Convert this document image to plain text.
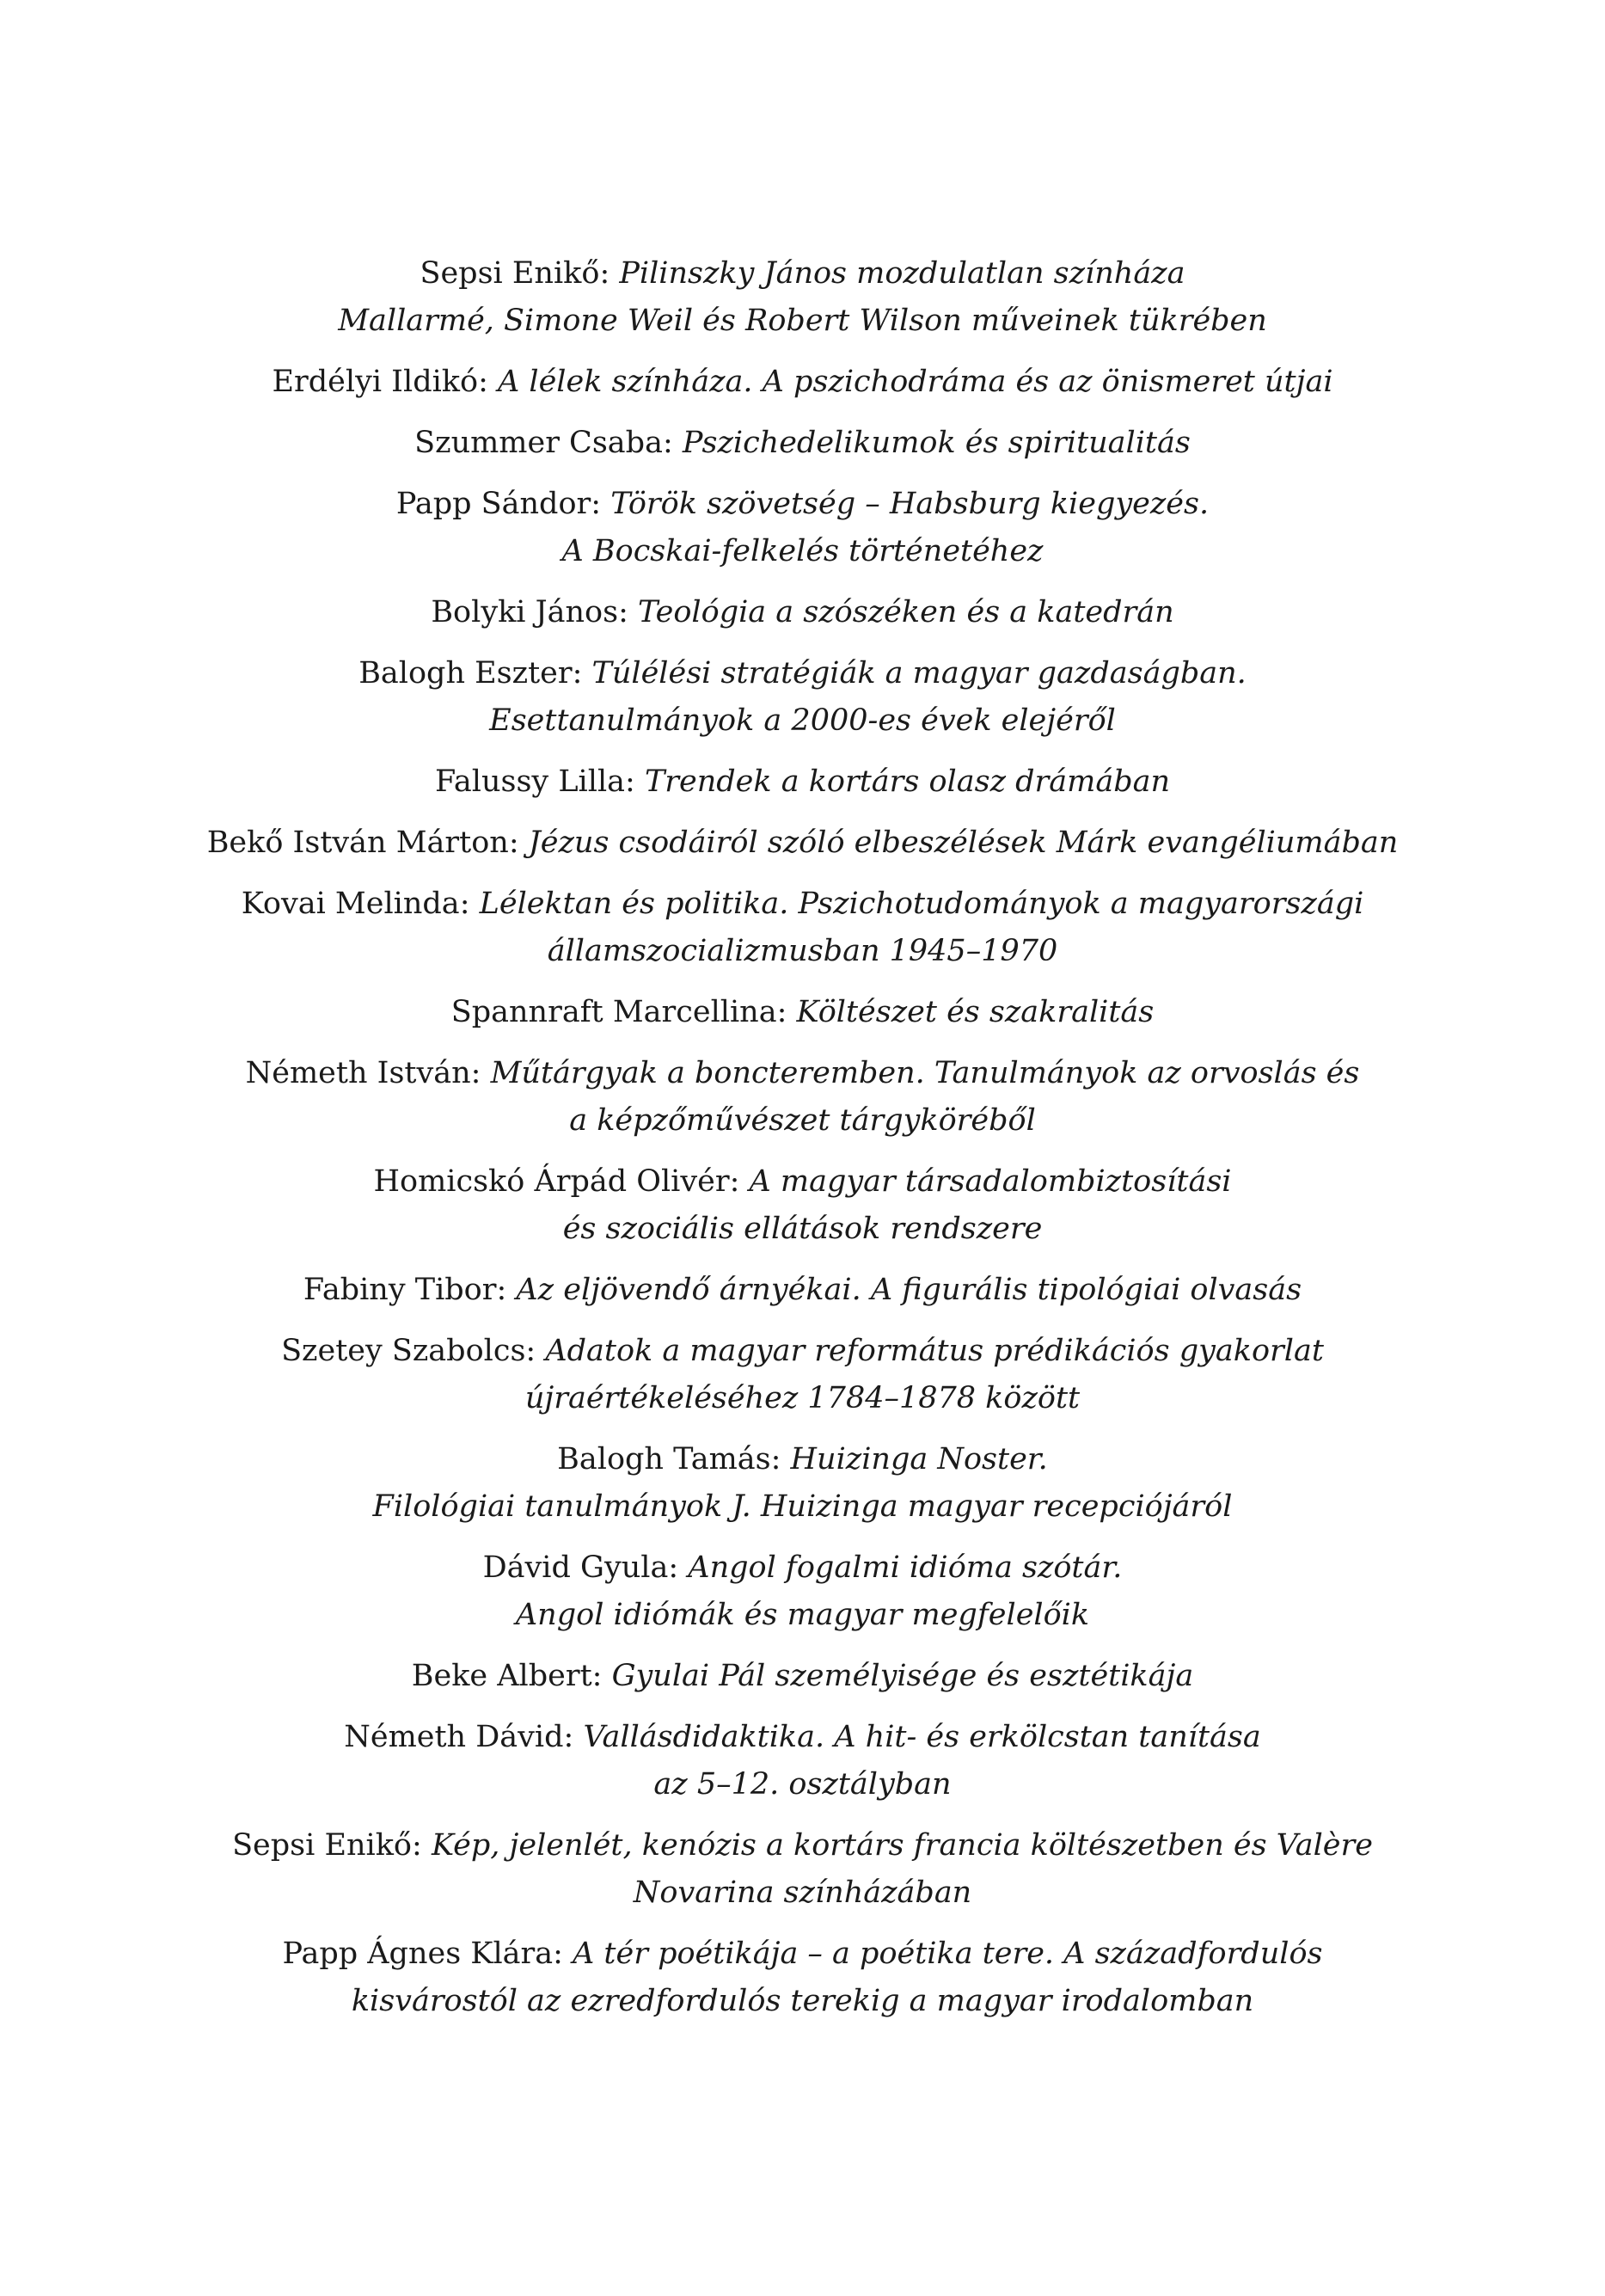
Sepsi Enikő: Pilinszky János mozdulatlan színháza
Mallarmé, Simone Weil és Robert Wilson műveinek tükrében
Erdélyi Ildikó: A lélek színháza. A pszichodráma és az önismeret útjai
Szummer Csaba: Pszichedelikumok és spiritualitás
Papp Sándor: Török szövetség – Habsburg kiegyezés.
A Bocskai-felkelés történetéhez
Bolyki János: Teológia a szószéken és a katedrán
Balogh Eszter: Túlélési stratégiák a magyar gazdaságban.
Esettanulmányok a 2000-es évek elejéről
Falussy Lilla: Trendek a kortárs olasz drámában
Bekő István Márton: Jézus csodáiról szóló elbeszélések Márk evangéliumában
Kovai Melinda: Lélektan és politika. Pszichotudományok a magyarországi
államszocializmusban 1945–1970
Spannraft Marcellina: Költészet és szakralitás
Németh István: Műtárgyak a boncteremben. Tanulmányok az orvoslás és
a képzőművészet tárgyköréből
Homicskó Árpád Olivér: A magyar társadalombiztosítási
és szociális ellátások rendszere
Fabiny Tibor: Az eljövendő árnyékai. A figurális tipológiai olvasás
Szetey Szabolcs: Adatok a magyar református prédikációs gyakorlat
újraértékeléséhez 1784–1878 között
Balogh Tamás: Huizinga Noster.
Filológiai tanulmányok J. Huizinga magyar recepciójáról
Dávid Gyula: Angol fogalmi idióma szótár.
Angol idiómák és magyar megfelelőik
Beke Albert: Gyulai Pál személyisége és esztétikája
Németh Dávid: Vallásdidaktika. A hit- és erkölcstan tanítása
az 5–12. osztályban
Sepsi Enikő: Kép, jelenlét, kenózis a kortárs francia költészetben és Valère
Novarina színházában
Papp Ágnes Klára: A tér poétikája – a poétika tere. A századfordulós
kisvárostól az ezredfordulós terekig a magyar irodalomban
